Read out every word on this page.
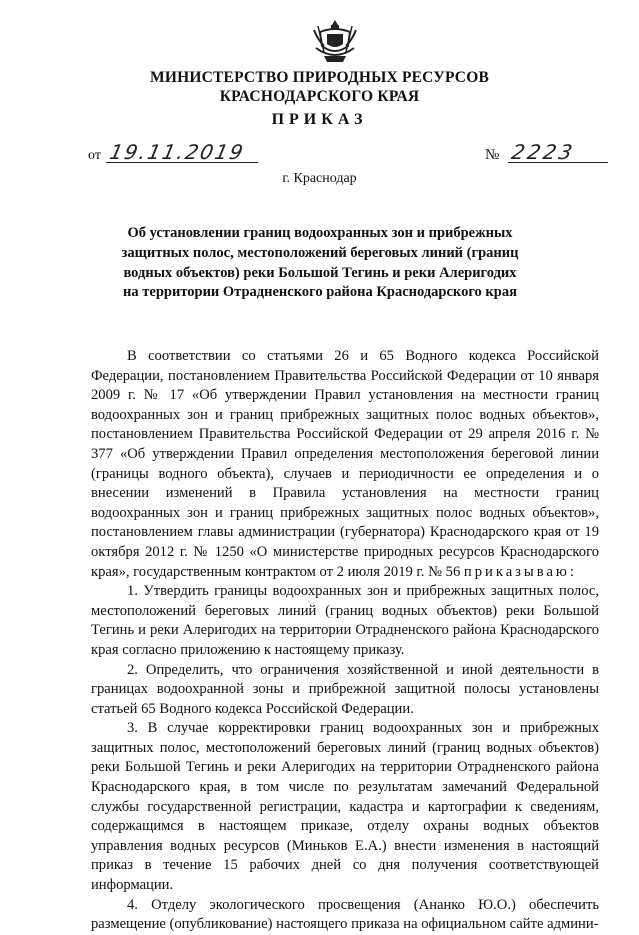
МИНИСТЕРСТВО ПРИРОДНЫХ РЕСУРСОВ
КРАСНОДАРСКОГО КРАЯ
ПРИКАЗ
от 19.11.2019	№ 2223
г. Краснодар
Об установлении границ водоохранных зон и прибрежных защитных полос, местоположений береговых линий (границ водных объектов) реки Большой Тегинь и реки Алеригодих на территории Отрадненского района Краснодарского края

В соответствии со статьями 26 и 65 Водного кодекса Российской Федерации, постановлением Правительства Российской Федерации от 10 января 2009 г. № 17 «Об утверждении Правил установления на местности границ водоохранных зон и границ прибрежных защитных полос водных объектов», постановлением Правительства Российской Федерации от 29 апреля 2016 г. № 377 «Об утверждении Правил определения местоположения береговой линии (границы водного объекта), случаев и периодичности ее определения и о внесении изменений в Правила установления на местности границ водоохранных зон и границ прибрежных защитных полос водных объектов», постановлением главы администрации (губернатора) Краснодарского края от 19 октября 2012 г. № 1250 «О министерстве природных ресурсов Краснодарского края», государственным контрактом от 2 июля 2019 г. № 56 приказываю:

1. Утвердить границы водоохранных зон и прибрежных защитных полос, местоположений береговых линий (границ водных объектов) реки Большой Тегинь и реки Алеригодих на территории Отрадненского района Краснодарского края согласно приложению к настоящему приказу.

2. Определить, что ограничения хозяйственной и иной деятельности в границах водоохранной зоны и прибрежной защитной полосы установлены статьей 65 Водного кодекса Российской Федерации.

3. В случае корректировки границ водоохранных зон и прибрежных защитных полос, местоположений береговых линий (границ водных объектов) реки Большой Тегинь и реки Алеригодих на территории Отрадненского района Краснодарского края, в том числе по результатам замечаний Федеральной службы государственной регистрации, кадастра и картографии к сведениям, содержащимся в настоящем приказе, отделу охраны водных объектов управления водных ресурсов (Миньков Е.А.) внести изменения в настоящий приказ в течение 15 рабочих дней со дня получения соответствующей информации.

4. Отделу экологического просвещения (Ананко Ю.О.) обеспечить размещение (опубликование) настоящего приказа на официальном сайте админи-
